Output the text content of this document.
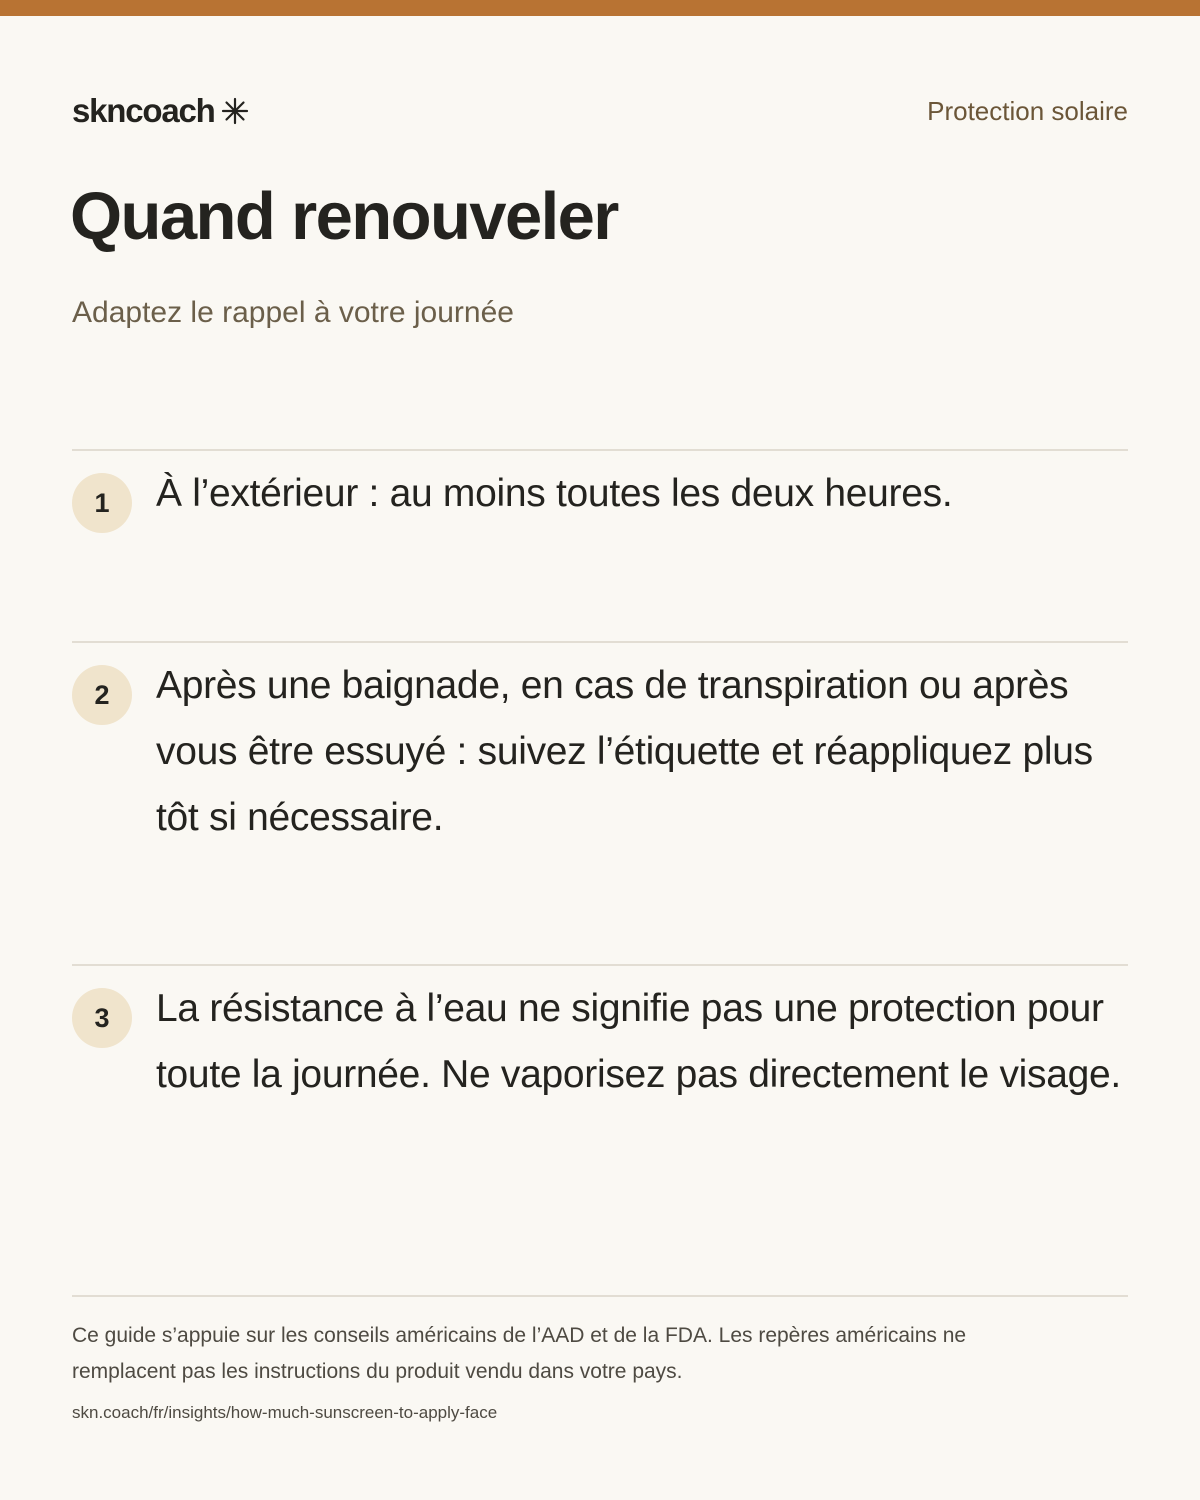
skncoach	Protection solaire
Quand renouveler
Adaptez le rappel à votre journée
1	À l’extérieur : au moins toutes les deux heures.
2	Après une baignade, en cas de transpiration ou après vous être essuyé : suivez l’étiquette et réappliquez plus tôt si nécessaire.
3	La résistance à l’eau ne signifie pas une protection pour toute la journée. Ne vaporisez pas directement le visage.
Ce guide s’appuie sur les conseils américains de l’AAD et de la FDA. Les repères américains ne remplacent pas les instructions du produit vendu dans votre pays.
skn.coach/fr/insights/how-much-sunscreen-to-apply-face
